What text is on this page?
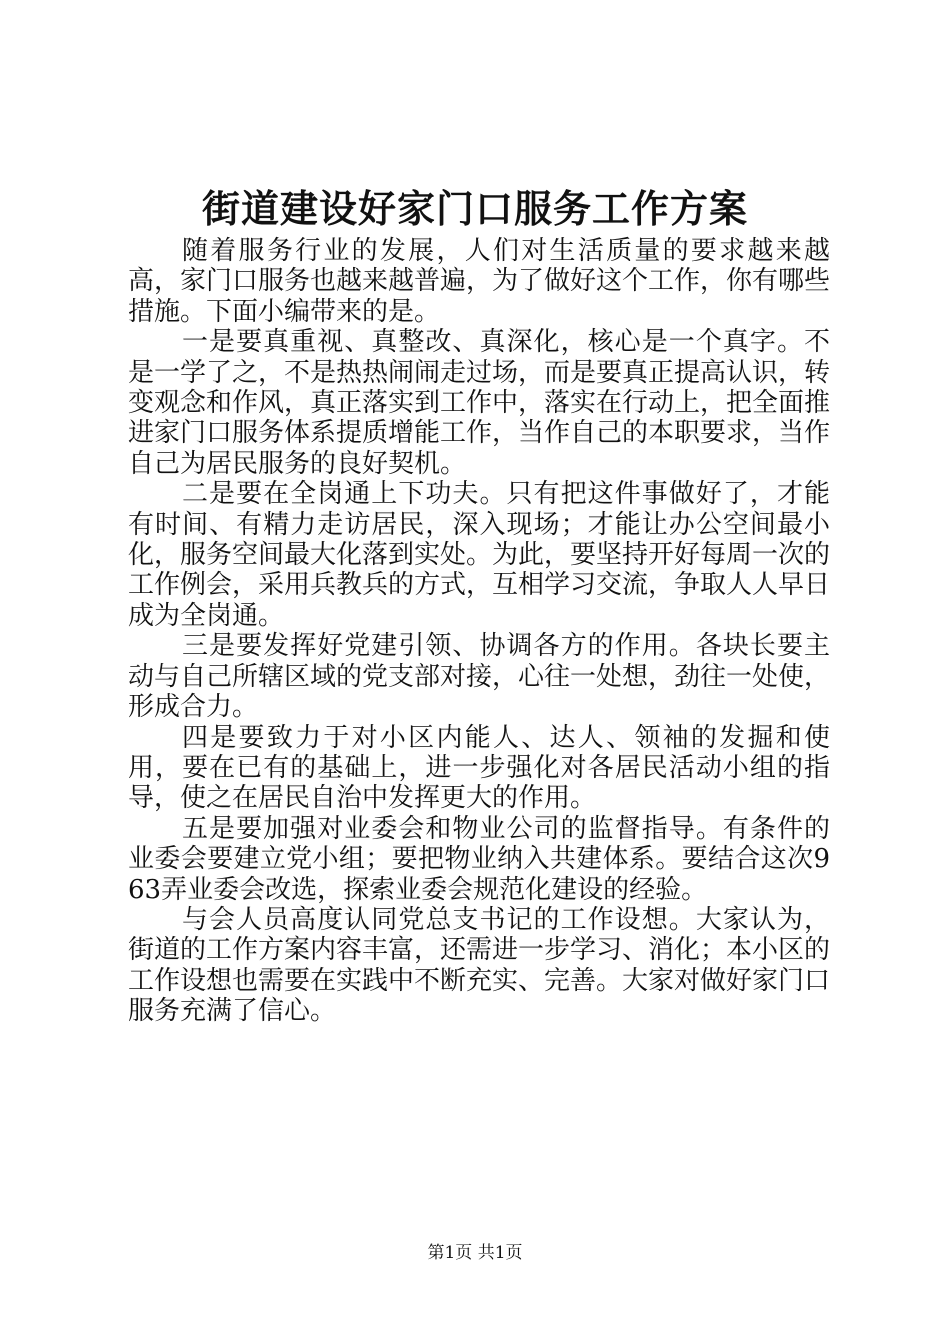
街道建设好家门口服务工作方案

随着服务行业的发展，人们对生活质量的要求越来越高，家门口服务也越来越普遍，为了做好这个工作，你有哪些措施。下面小编带来的是。

一是要真重视、真整改、真深化，核心是一个真字。不是一学了之，不是热热闹闹走过场，而是要真正提高认识，转变观念和作风，真正落实到工作中，落实在行动上，把全面推进家门口服务体系提质增能工作，当作自己的本职要求，当作自己为居民服务的良好契机。

二是要在全岗通上下功夫。只有把这件事做好了，才能有时间、有精力走访居民，深入现场；才能让办公空间最小化，服务空间最大化落到实处。为此，要坚持开好每周一次的工作例会，采用兵教兵的方式，互相学习交流，争取人人早日成为全岗通。

三是要发挥好党建引领、协调各方的作用。各块长要主动与自己所辖区域的党支部对接，心往一处想，劲往一处使，形成合力。

四是要致力于对小区内能人、达人、领袖的发掘和使用，要在已有的基础上，进一步强化对各居民活动小组的指导，使之在居民自治中发挥更大的作用。

五是要加强对业委会和物业公司的监督指导。有条件的业委会要建立党小组；要把物业纳入共建体系。要结合这次963弄业委会改选，探索业委会规范化建设的经验。

与会人员高度认同党总支书记的工作设想。大家认为，街道的工作方案内容丰富，还需进一步学习、消化；本小区的工作设想也需要在实践中不断充实、完善。大家对做好家门口服务充满了信心。

第1页 共1页
